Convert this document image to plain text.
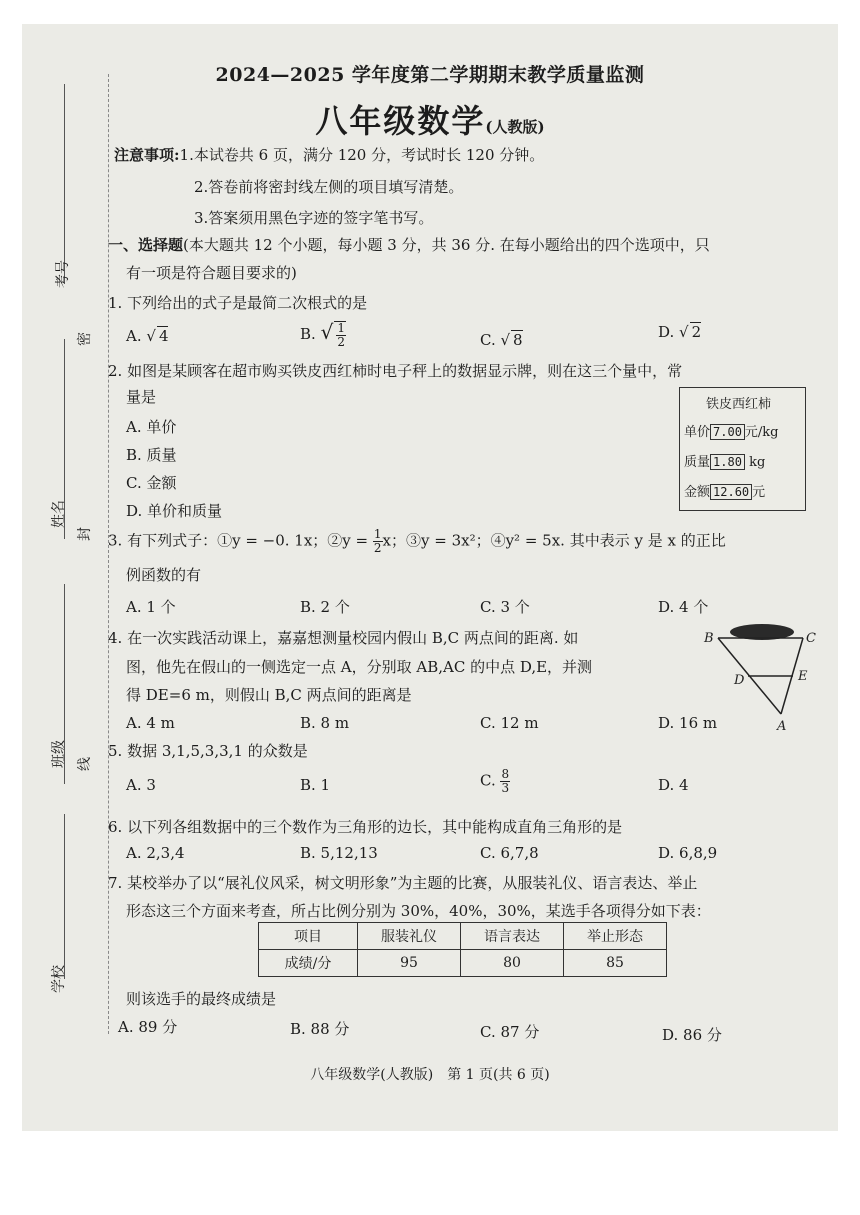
考号
密
姓名
封
班级 线
学校
2024—2025 学年度第二学期期末教学质量监测
八年级数学(人教版)
注意事项:1.本试卷共 6 页，满分 120 分，考试时长 120 分钟。
2.答卷前将密封线左侧的项目填写清楚。
3.答案须用黑色字迹的签字笔书写。
一、选择题(本大题共 12 个小题，每小题 3 分，共 36 分. 在每小题给出的四个选项中，只
有一项是符合题目要求的)
1. 下列给出的式子是最简二次根式的是
A. √ 4	B. √ $\frac{1}{2}$	C. √ 8	D. √ 2
2. 如图是某顾客在超市购买铁皮西红柿时电子秤上的数据显示牌，则在这三个量中，常
量是
A. 单价
B. 质量
C. 金额
D. 单价和质量
铁皮西红柿
单价 7.00 元/kg
质量 1.80 kg
金额 12.60 元
3. 有下列式子：①y = −0. 1x；②y = $\frac{1}{2}$ x；③y = 3x²；④y² = 5x. 其中表示 y 是 x 的正比
例函数的有
A. 1 个	B. 2 个	C. 3 个	D. 4 个
4. 在一次实践活动课上，嘉嘉想测量校园内假山 B,C 两点间的距离. 如
图，他先在假山的一侧选定一点 A，分别取 AB,AC 的中点 D,E，并测
得 DE=6 m，则假山 B,C 两点间的距离是
A. 4 m	B. 8 m	C. 12 m	D. 16 m
B	C
D	E
A
5. 数据 3,1,5,3,3,1 的众数是
A. 3	B. 1	C. $\frac{8}{3}$	D. 4
6. 以下列各组数据中的三个数作为三角形的边长，其中能构成直角三角形的是
A. 2,3,4	B. 5,12,13	C. 6,7,8	D. 6,8,9
7. 某校举办了以“展礼仪风采，树文明形象”为主题的比赛，从服装礼仪、语言表达、举止
形态这三个方面来考查，所占比例分别为 30%，40%，30%，某选手各项得分如下表：
项目	服装礼仪	语言表达	举止形态
成绩/分	95	80	85
则该选手的最终成绩是
A. 89 分	B. 88 分	C. 87 分	D. 86 分
八年级数学(人教版)　第 1 页(共 6 页)
